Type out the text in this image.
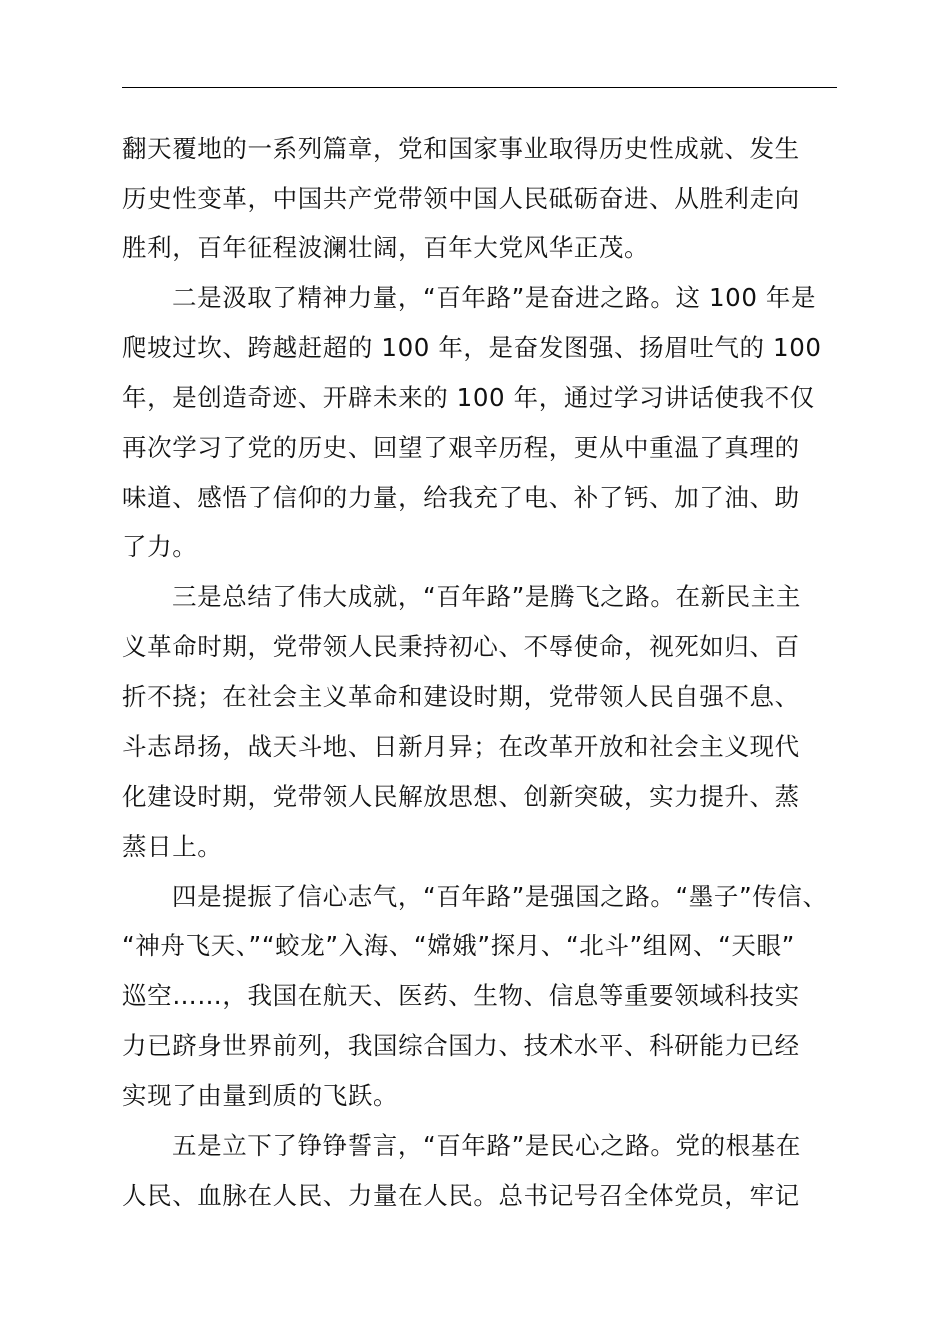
翻天覆地的一系列篇章，党和国家事业取得历史性成就、发生
历史性变革，中国共产党带领中国人民砥砺奋进、从胜利走向
胜利，百年征程波澜壮阔，百年大党风华正茂。
二是汲取了精神力量，“百年路”是奋进之路。这 100 年是
爬坡过坎、跨越赶超的 100 年，是奋发图强、扬眉吐气的 100
年，是创造奇迹、开辟未来的 100 年，通过学习讲话使我不仅
再次学习了党的历史、回望了艰辛历程，更从中重温了真理的
味道、感悟了信仰的力量，给我充了电、补了钙、加了油、助
了力。
三是总结了伟大成就，“百年路”是腾飞之路。在新民主主
义革命时期，党带领人民秉持初心、不辱使命，视死如归、百
折不挠；在社会主义革命和建设时期，党带领人民自强不息、
斗志昂扬，战天斗地、日新月异；在改革开放和社会主义现代
化建设时期，党带领人民解放思想、创新突破，实力提升、蒸
蒸日上。
四是提振了信心志气，“百年路”是强国之路。“墨子”传信、
“神舟飞天、”“蛟龙”入海、“嫦娥”探月、“北斗”组网、“天眼”
巡空……，我国在航天、医药、生物、信息等重要领域科技实
力已跻身世界前列，我国综合国力、技术水平、科研能力已经
实现了由量到质的飞跃。
五是立下了铮铮誓言，“百年路”是民心之路。党的根基在
人民、血脉在人民、力量在人民。总书记号召全体党员，牢记
